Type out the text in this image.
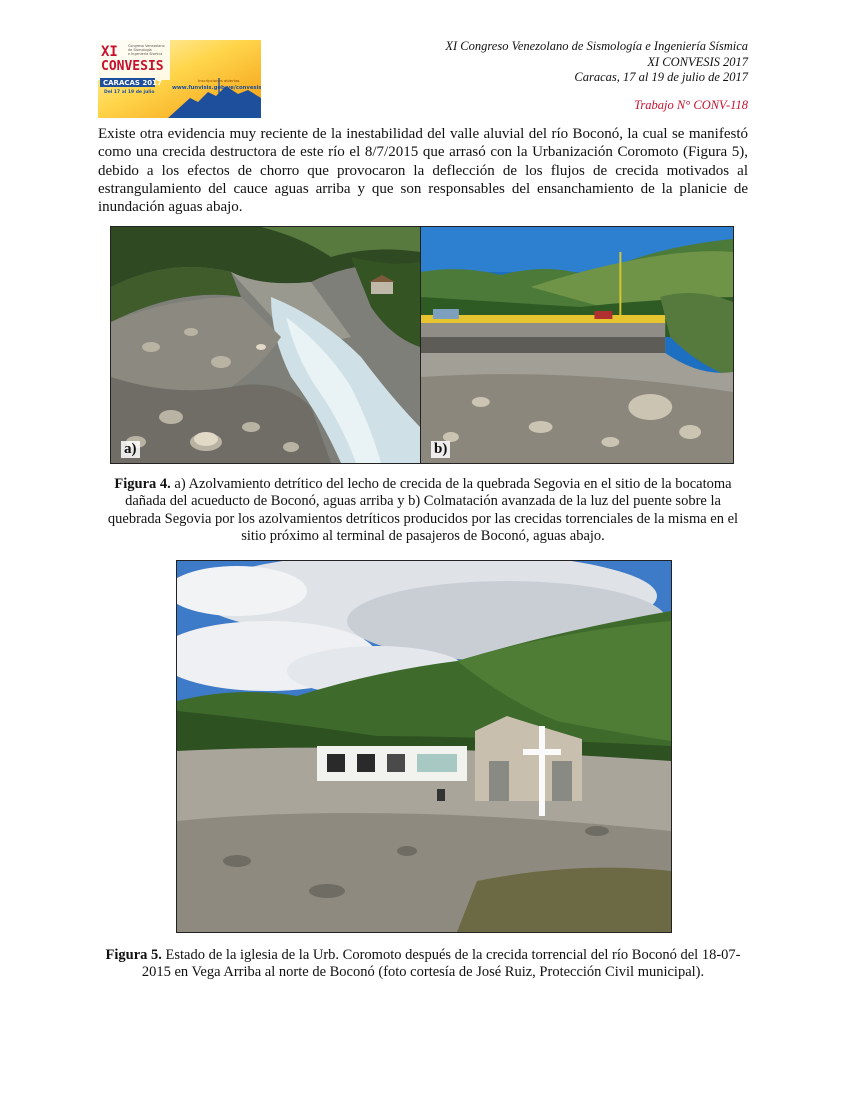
XI
CONVESIS
Congreso Venezolano
de Sismología
e Ingeniería Sísmica
CARACAS 2017
Del 17 al 19 de julio
Inscripciones abiertas
www.funvisis.gob.ve/convesis
XI Congreso Venezolano de Sismología e Ingeniería Sísmica
XI CONVESIS 2017
Caracas, 17 al 19 de julio de 2017
Trabajo N° CONV-118
Existe otra evidencia muy reciente de la inestabilidad del valle aluvial del río Boconó, la cual se manifestó como una crecida destructora de este río el 8/7/2015 que arrasó con la Urbanización Coromoto (Figura 5), debido a los efectos de chorro que provocaron la deflección de los flujos de crecida motivados al estrangulamiento del cauce aguas arriba y que son responsables del ensanchamiento de la planicie de inundación aguas abajo.
a)	b)
Figura 4. a) Azolvamiento detrítico del lecho de crecida de la quebrada Segovia en el sitio de la bocatoma dañada del acueducto de Boconó, aguas arriba y b) Colmatación avanzada de la luz del puente sobre la quebrada Segovia por los azolvamientos detríticos producidos por las crecidas torrenciales de la misma en el sitio próximo al terminal de pasajeros de Boconó, aguas abajo.
Figura 5. Estado de la iglesia de la Urb. Coromoto después de la crecida torrencial del río Boconó del 18-07-2015 en Vega Arriba al norte de Boconó (foto cortesía de José Ruiz, Protección Civil municipal).
